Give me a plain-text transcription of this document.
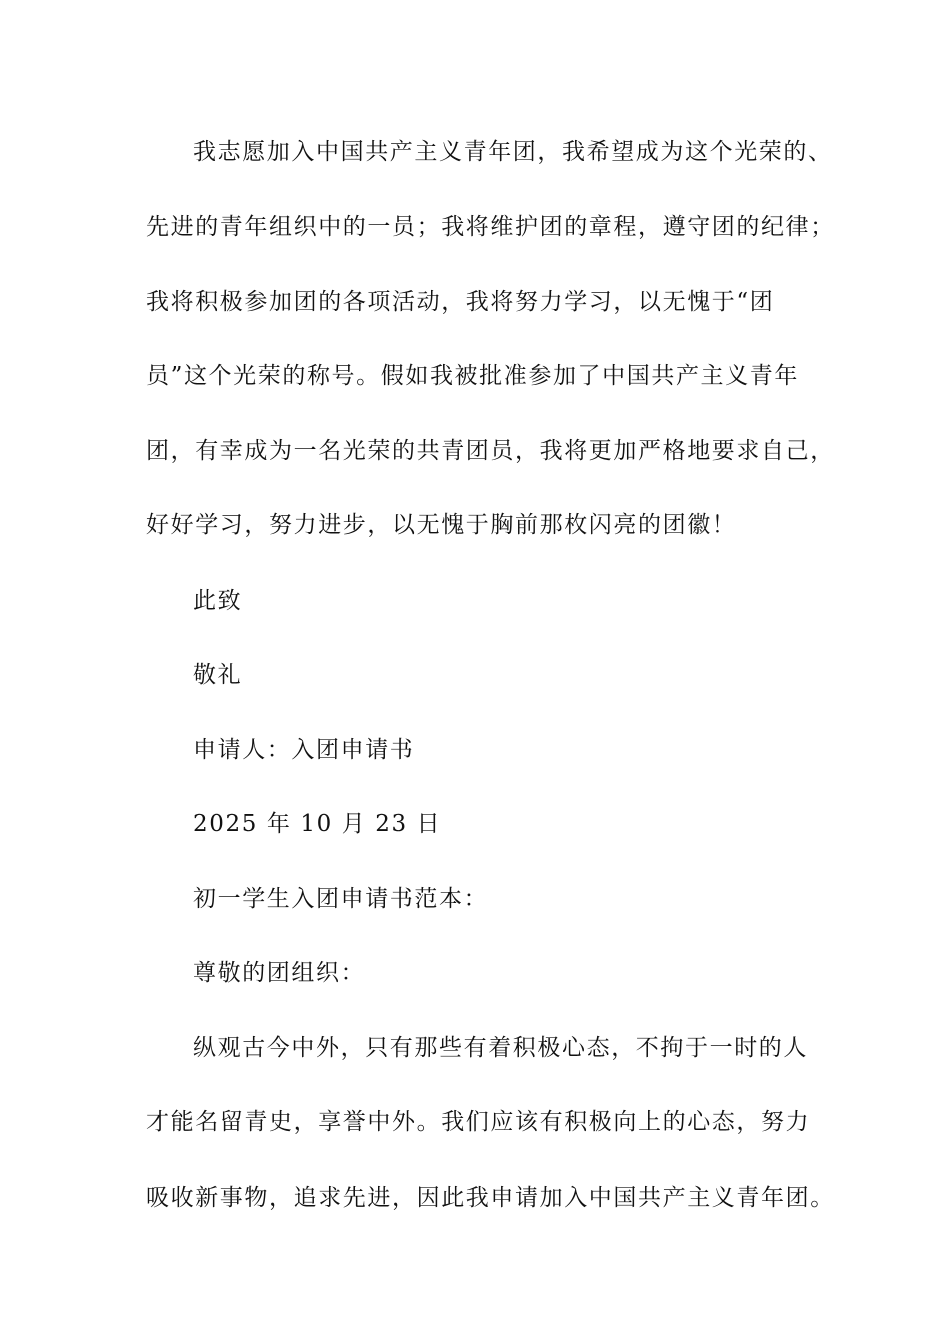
我志愿加入中国共产主义青年团，我希望成为这个光荣的、
先进的青年组织中的一员；我将维护团的章程，遵守团的纪律；
我将积极参加团的各项活动，我将努力学习，以无愧于“团
员”这个光荣的称号。假如我被批准参加了中国共产主义青年
团，有幸成为一名光荣的共青团员，我将更加严格地要求自己，
好好学习，努力进步，以无愧于胸前那枚闪亮的团徽！
此致
敬礼
申请人：入团申请书
2025 年 10 月 23 日
初一学生入团申请书范本：
尊敬的团组织：
纵观古今中外，只有那些有着积极心态，不拘于一时的人
才能名留青史，享誉中外。我们应该有积极向上的心态，努力
吸收新事物，追求先进，因此我申请加入中国共产主义青年团。
